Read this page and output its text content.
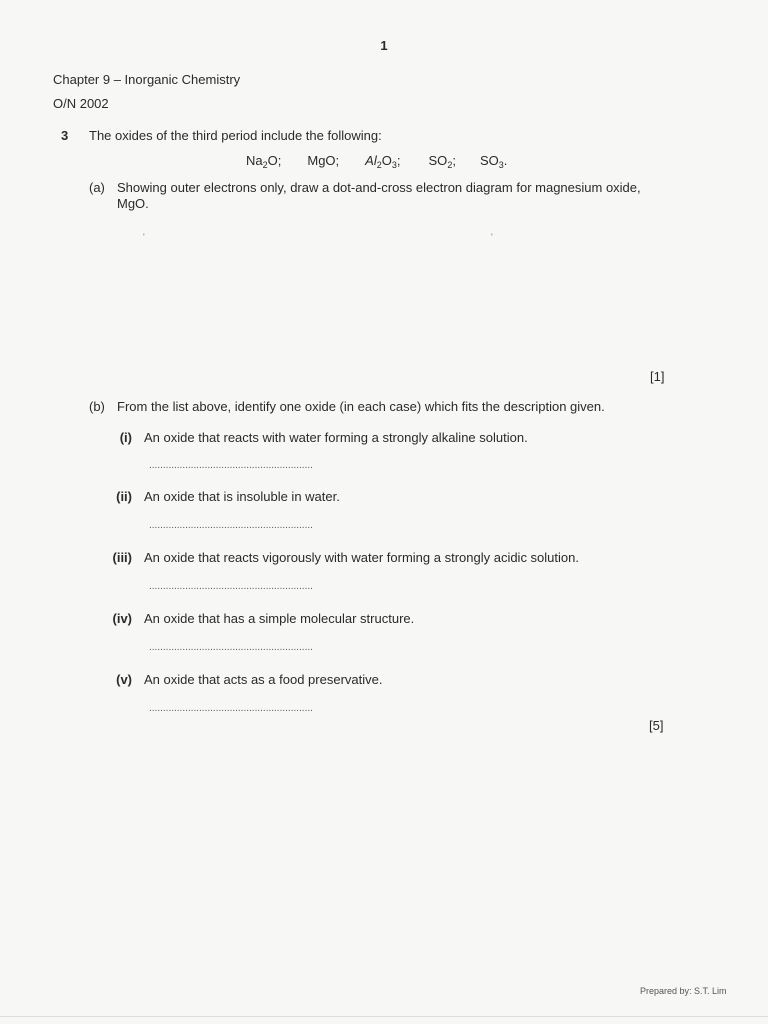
1
Chapter 9 – Inorganic Chemistry
O/N 2002
3 The oxides of the third period include the following:
$Na_2O$; MgO; $Al_2O_3$; $SO_2$; $SO_3$.
(a) Showing outer electrons only, draw a dot-and-cross electron diagram for magnesium oxide, MgO.
'	'
[1]
(b) From the list above, identify one oxide (in each case) which fits the description given.
(i) An oxide that reacts with water forming a strongly alkaline solution.
...........................................................
(ii) An oxide that is insoluble in water.
...........................................................
(iii) An oxide that reacts vigorously with water forming a strongly acidic solution.
...........................................................
(iv) An oxide that has a simple molecular structure.
...........................................................
(v) An oxide that acts as a food preservative.
...........................................................
[5]
Prepared by: S.T. Lim
